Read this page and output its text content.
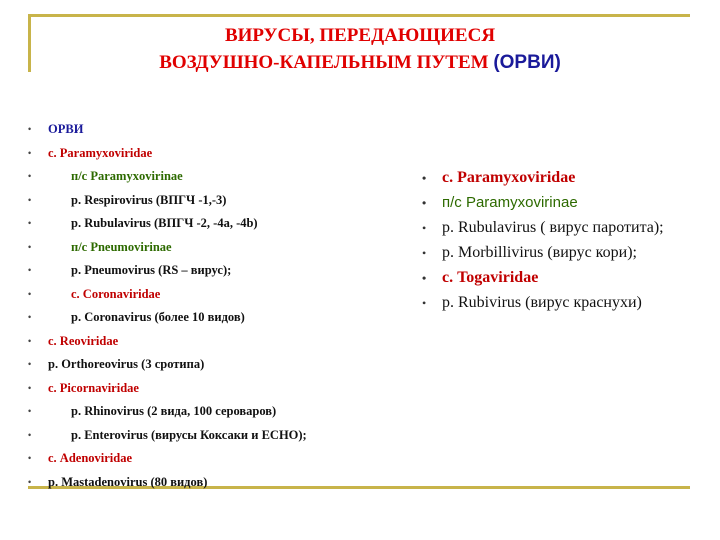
ВИРУСЫ, ПЕРЕДАЮЩИЕСЯ
ВОЗДУШНО-КАПЕЛЬНЫМ ПУТЕМ (ОРВИ)
• ОРВИ
• с. Paramyxoviridae
•	п/с Paramyxovirinae
•	p. Respirovirus (ВПГЧ -1,-3)
•	p. Rubulavirus (ВПГЧ -2, -4a, -4b)
•	п/с Pneumovirinae
•	p. Pneumovirus (RS – вирус);
•	с. Coronaviridae
•	p. Coronavirus (более 10 видов)
• с. Reoviridae
• p. Orthoreovirus (3 сротипа)
• с. Picornaviridae
•	p. Rhinovirus (2 вида, 100 сероваров)
•	p. Enterovirus (вирусы Коксаки и ECHO);
• с. Adenoviridae
• p. Mastadenovirus (80 видов)
• с. Paramyxoviridae
• п/с Paramyxovirinae
• p. Rubulavirus ( вирус паротита);
• p. Morbillivirus (вирус кори);
• с. Togaviridae
• p. Rubivirus (вирус краснухи)
